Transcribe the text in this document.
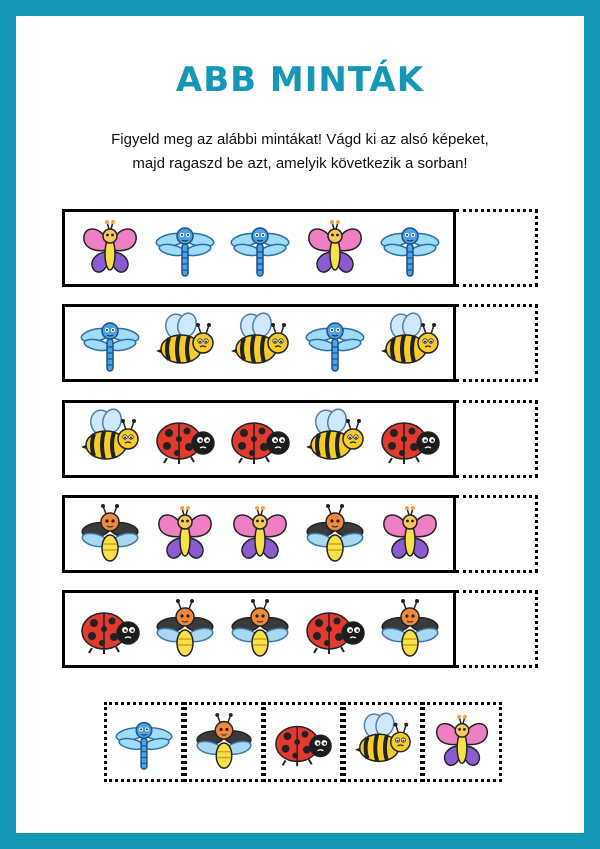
ABB MINTÁK
Figyeld meg az alábbi mintákat! Vágd ki az alsó képeket,
majd ragaszd be azt, amelyik következik a sorban!
